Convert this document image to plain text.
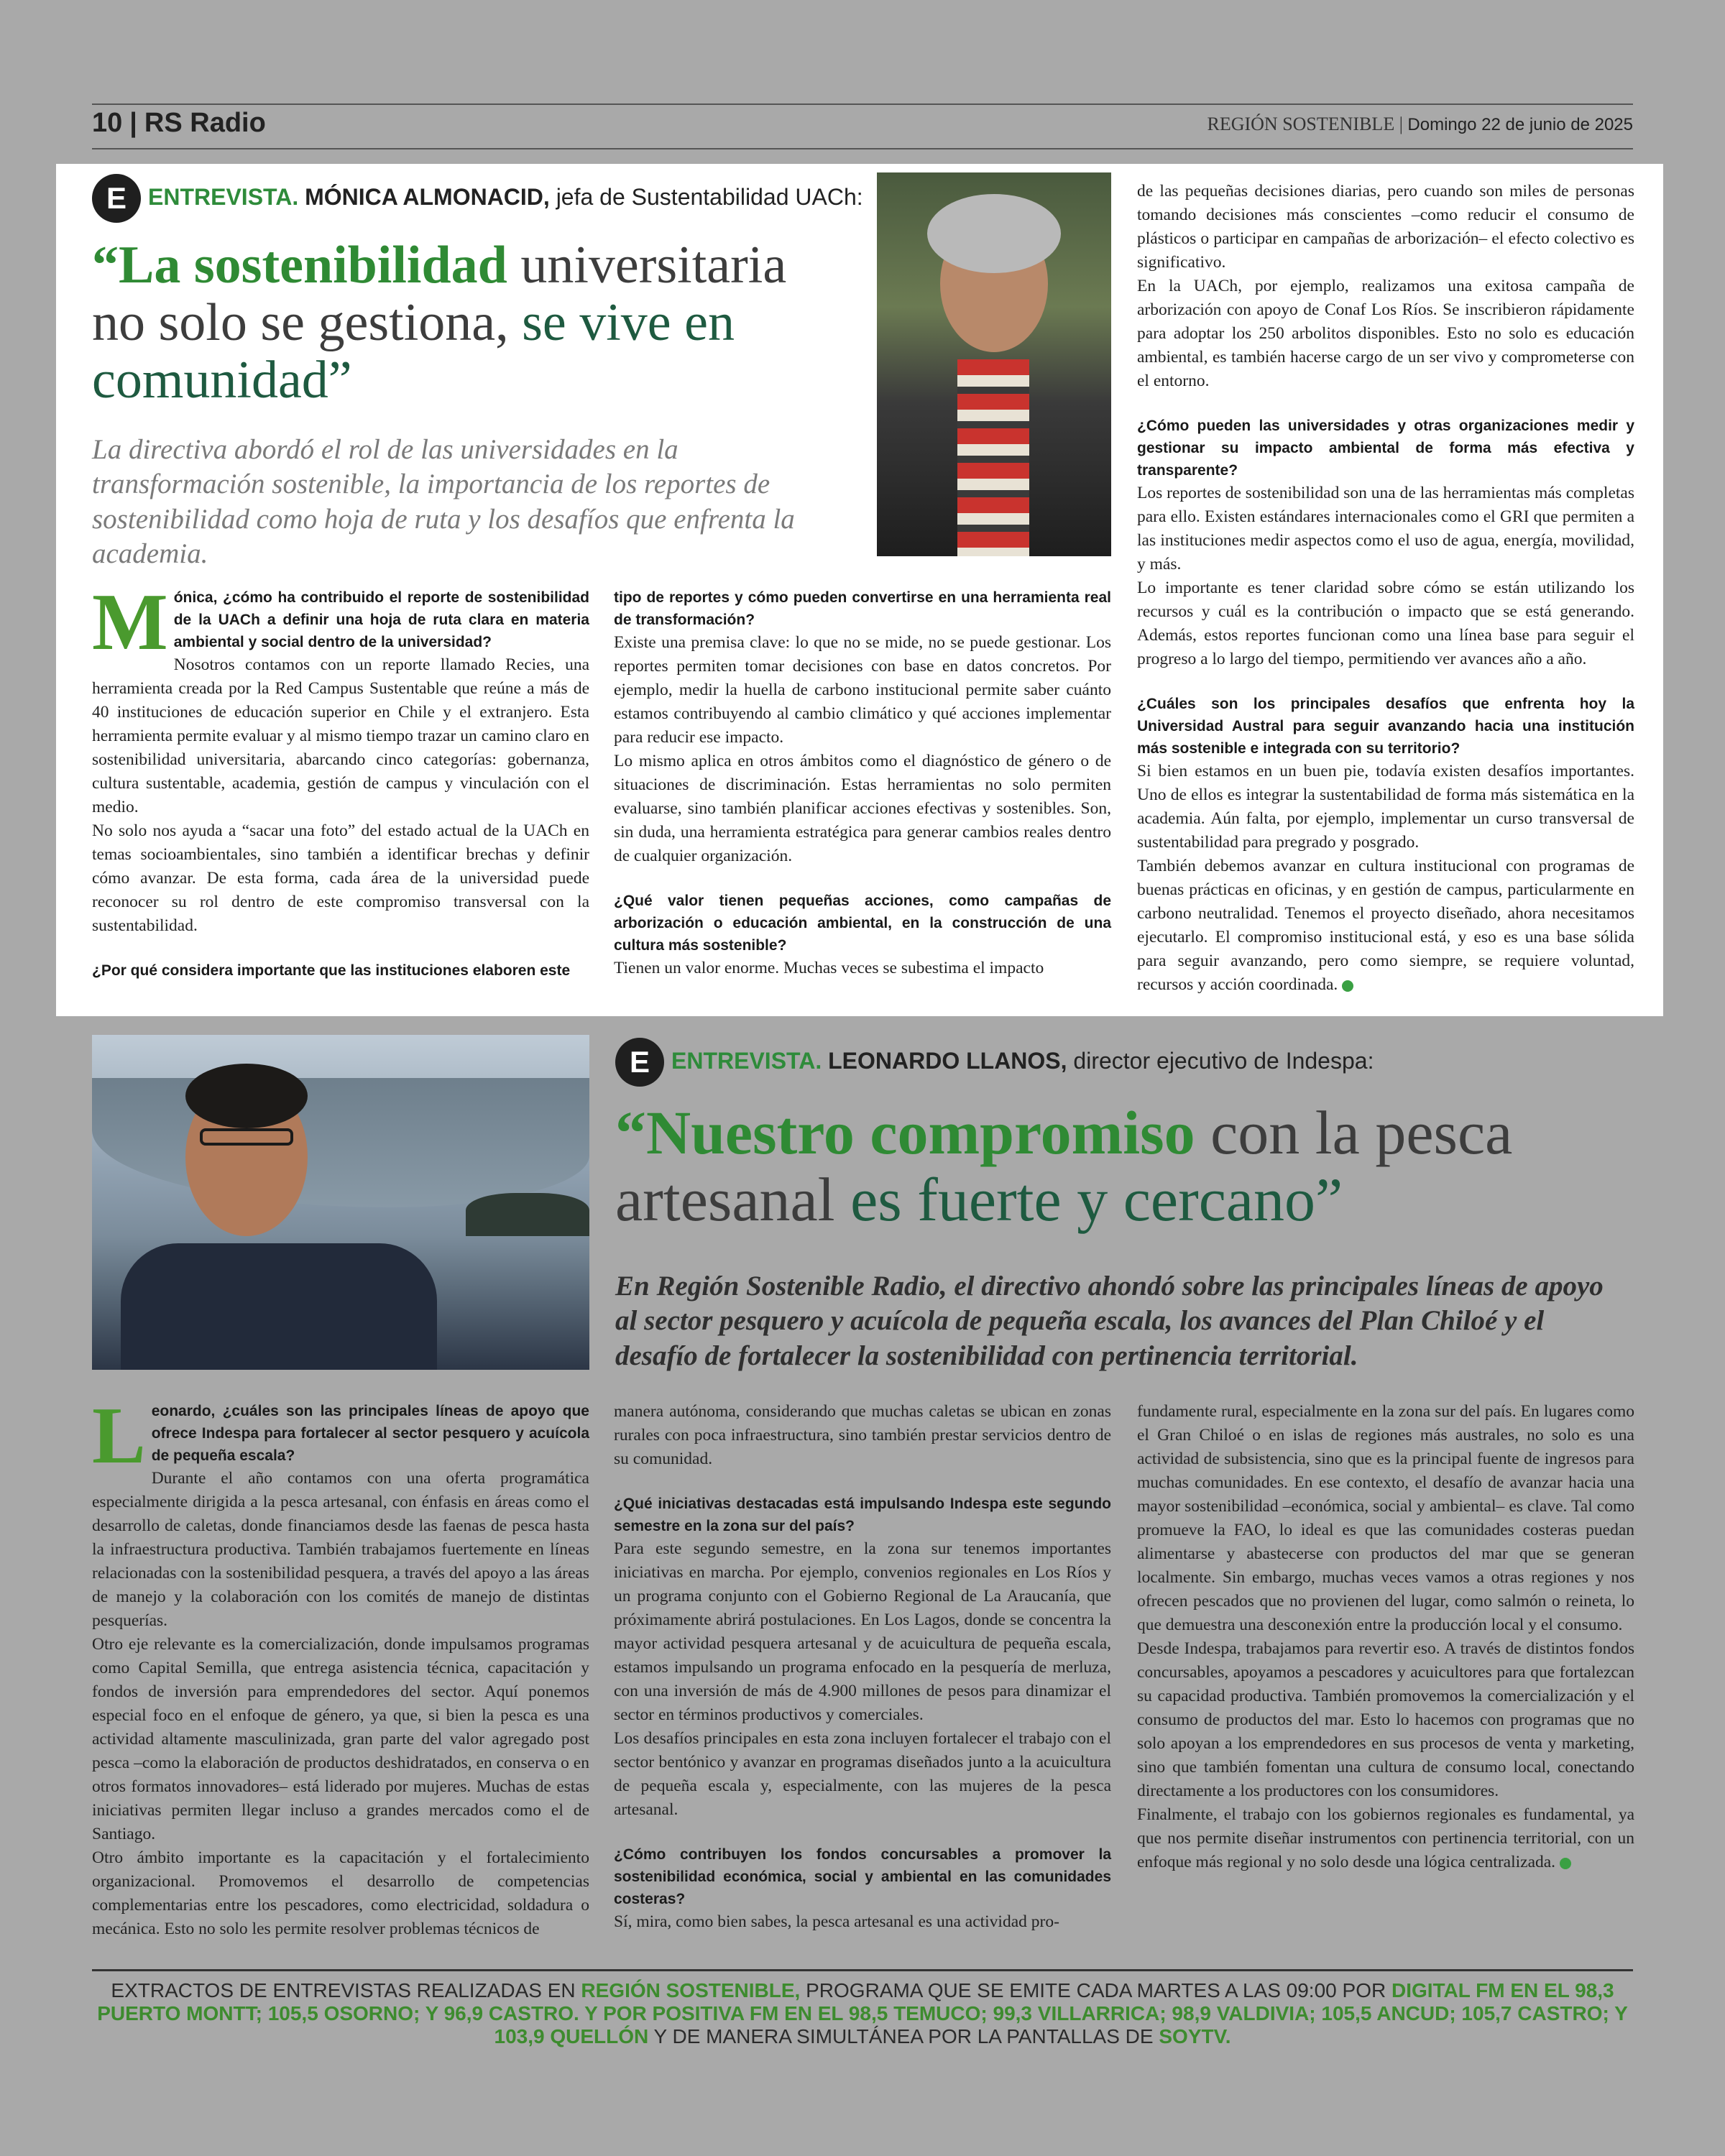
10 | RS Radio	REGIÓN SOSTENIBLE | Domingo 22 de junio de 2025
E ENTREVISTA. MÓNICA ALMONACID, jefa de Sustentabilidad UACh:
“La sostenibilidad universitaria
no solo se gestiona, se vive en
comunidad”
La directiva abordó el rol de las universidades en la transformación sostenible, la importancia de los reportes de sostenibilidad como hoja de ruta y los desafíos que enfrenta la academia.
M ónica, ¿cómo ha contribuido el reporte de sostenibilidad de la UACh a definir una hoja de ruta clara en materia ambiental y social dentro de la universidad?

Nosotros contamos con un reporte llamado Recies, una herramienta creada por la Red Campus Sustentable que reúne a más de 40 instituciones de educación superior en Chile y el extranjero. Esta herramienta permite evaluar y al mismo tiempo trazar un camino claro en sostenibilidad universitaria, abarcando cinco categorías: gobernanza, cultura sustentable, academia, gestión de campus y vinculación con el medio.

No solo nos ayuda a “sacar una foto” del estado actual de la UACh en temas socioambientales, sino también a identificar brechas y definir cómo avanzar. De esta forma, cada área de la universidad puede reconocer su rol dentro de este compromiso transversal con la sustentabilidad.

¿Por qué considera importante que las instituciones elaboren este

tipo de reportes y cómo pueden convertirse en una herramienta real de transformación?

Existe una premisa clave: lo que no se mide, no se puede gestionar. Los reportes permiten tomar decisiones con base en datos concretos. Por ejemplo, medir la huella de carbono institucional permite saber cuánto estamos contribuyendo al cambio climático y qué acciones implementar para reducir ese impacto.

Lo mismo aplica en otros ámbitos como el diagnóstico de género o de situaciones de discriminación. Estas herramientas no solo permiten evaluarse, sino también planificar acciones efectivas y sostenibles. Son, sin duda, una herramienta estratégica para generar cambios reales dentro de cualquier organización.

¿Qué valor tienen pequeñas acciones, como campañas de arborización o educación ambiental, en la construcción de una cultura más sostenible?

Tienen un valor enorme. Muchas veces se subestima el impacto

de las pequeñas decisiones diarias, pero cuando son miles de personas tomando decisiones más conscientes –como reducir el consumo de plásticos o participar en campañas de arborización– el efecto colectivo es significativo.

En la UACh, por ejemplo, realizamos una exitosa campaña de arborización con apoyo de Conaf Los Ríos. Se inscribieron rápidamente para adoptar los 250 arbolitos disponibles. Esto no solo es educación ambiental, es también hacerse cargo de un ser vivo y comprometerse con el entorno.

¿Cómo pueden las universidades y otras organizaciones medir y gestionar su impacto ambiental de forma más efectiva y transparente?

Los reportes de sostenibilidad son una de las herramientas más completas para ello. Existen estándares internacionales como el GRI que permiten a las instituciones medir aspectos como el uso de agua, energía, movilidad, y más.

Lo importante es tener claridad sobre cómo se están utilizando los recursos y cuál es la contribución o impacto que se está generando. Además, estos reportes funcionan como una línea base para seguir el progreso a lo largo del tiempo, permitiendo ver avances año a año.

¿Cuáles son los principales desafíos que enfrenta hoy la Universidad Austral para seguir avanzando hacia una institución más sostenible e integrada con su territorio?

Si bien estamos en un buen pie, todavía existen desafíos importantes. Uno de ellos es integrar la sustentabilidad de forma más sistemática en la academia. Aún falta, por ejemplo, implementar un curso transversal de sustentabilidad para pregrado y posgrado.

También debemos avanzar en cultura institucional con programas de buenas prácticas en oficinas, y en gestión de campus, particularmente en carbono neutralidad. Tenemos el proyecto diseñado, ahora necesitamos ejecutarlo. El compromiso institucional está, y eso es una base sólida para seguir avanzando, pero como siempre, se requiere voluntad, recursos y acción coordinada.

E ENTREVISTA. LEONARDO LLANOS, director ejecutivo de Indespa:
“Nuestro compromiso con la pesca
artesanal es fuerte y cercano”
En Región Sostenible Radio, el directivo ahondó sobre las principales líneas de apoyo al sector pesquero y acuícola de pequeña escala, los avances del Plan Chiloé y el desafío de fortalecer la sostenibilidad con pertinencia territorial.
L eonardo, ¿cuáles son las principales líneas de apoyo que ofrece Indespa para fortalecer al sector pesquero y acuícola de pequeña escala?

Durante el año contamos con una oferta programática especialmente dirigida a la pesca artesanal, con énfasis en áreas como el desarrollo de caletas, donde financiamos desde las faenas de pesca hasta la infraestructura productiva. También trabajamos fuertemente en líneas relacionadas con la sostenibilidad pesquera, a través del apoyo a las áreas de manejo y la colaboración con los comités de manejo de distintas pesquerías.

Otro eje relevante es la comercialización, donde impulsamos programas como Capital Semilla, que entrega asistencia técnica, capacitación y fondos de inversión para emprendedores del sector. Aquí ponemos especial foco en el enfoque de género, ya que, si bien la pesca es una actividad altamente masculinizada, gran parte del valor agregado post pesca –como la elaboración de productos deshidratados, en conserva o en otros formatos innovadores– está liderado por mujeres. Muchas de estas iniciativas permiten llegar incluso a grandes mercados como el de Santiago.

Otro ámbito importante es la capacitación y el fortalecimiento organizacional. Promovemos el desarrollo de competencias complementarias entre los pescadores, como electricidad, soldadura o mecánica. Esto no solo les permite resolver problemas técnicos de

manera autónoma, considerando que muchas caletas se ubican en zonas rurales con poca infraestructura, sino también prestar servicios dentro de su comunidad.

¿Qué iniciativas destacadas está impulsando Indespa este segundo semestre en la zona sur del país?

Para este segundo semestre, en la zona sur tenemos importantes iniciativas en marcha. Por ejemplo, convenios regionales en Los Ríos y un programa conjunto con el Gobierno Regional de La Araucanía, que próximamente abrirá postulaciones. En Los Lagos, donde se concentra la mayor actividad pesquera artesanal y de acuicultura de pequeña escala, estamos impulsando un programa enfocado en la pesquería de merluza, con una inversión de más de 4.900 millones de pesos para dinamizar el sector en términos productivos y comerciales.

Los desafíos principales en esta zona incluyen fortalecer el trabajo con el sector bentónico y avanzar en programas diseñados junto a la acuicultura de pequeña escala y, especialmente, con las mujeres de la pesca artesanal.

¿Cómo contribuyen los fondos concursables a promover la sostenibilidad económica, social y ambiental en las comunidades costeras?

Sí, mira, como bien sabes, la pesca artesanal es una actividad pro-

fundamente rural, especialmente en la zona sur del país. En lugares como el Gran Chiloé o en islas de regiones más australes, no solo es una actividad de subsistencia, sino que es la principal fuente de ingresos para muchas comunidades. En ese contexto, el desafío de avanzar hacia una mayor sostenibilidad –económica, social y ambiental– es clave. Tal como promueve la FAO, lo ideal es que las comunidades costeras puedan alimentarse y abastecerse con productos del mar que se generan localmente. Sin embargo, muchas veces vamos a otras regiones y nos ofrecen pescados que no provienen del lugar, como salmón o reineta, lo que demuestra una desconexión entre la producción local y el consumo.

Desde Indespa, trabajamos para revertir eso. A través de distintos fondos concursables, apoyamos a pescadores y acuicultores para que fortalezcan su capacidad productiva. También promovemos la comercialización y el consumo de productos del mar. Esto lo hacemos con programas que no solo apoyan a los emprendedores en sus procesos de venta y marketing, sino que también fomentan una cultura de consumo local, conectando directamente a los productores con los consumidores.

Finalmente, el trabajo con los gobiernos regionales es fundamental, ya que nos permite diseñar instrumentos con pertinencia territorial, con un enfoque más regional y no solo desde una lógica centralizada.

EXTRACTOS DE ENTREVISTAS REALIZADAS EN REGIÓN SOSTENIBLE, PROGRAMA QUE SE EMITE CADA MARTES A LAS 09:00 POR DIGITAL FM EN EL 98,3 PUERTO MONTT; 105,5 OSORNO; Y 96,9 CASTRO. Y POR POSITIVA FM EN EL 98,5 TEMUCO; 99,3 VILLARRICA; 98,9 VALDIVIA; 105,5 ANCUD; 105,7 CASTRO; Y 103,9 QUELLÓN Y DE MANERA SIMULTÁNEA POR LA PANTALLAS DE SOYTV.
